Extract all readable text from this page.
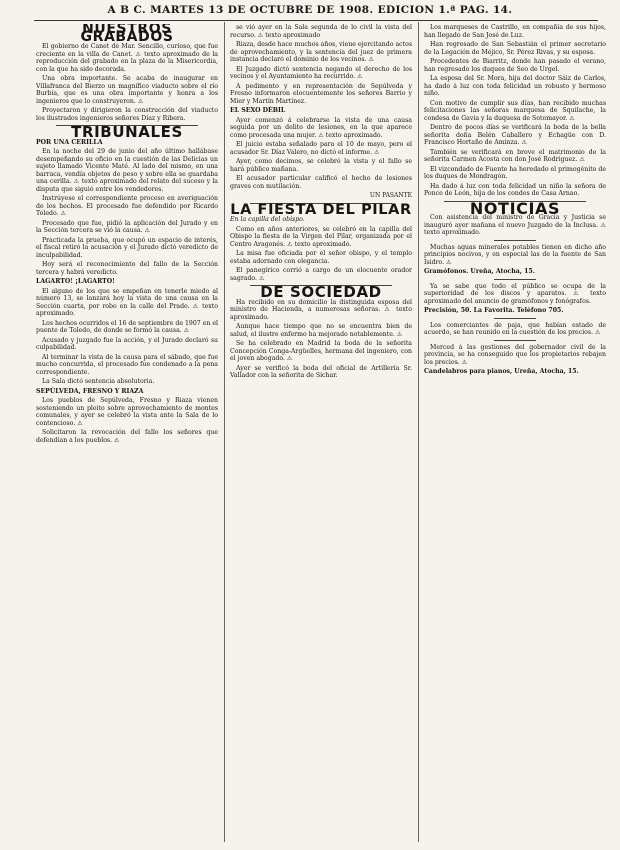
A B C. MARTES 13 DE OCTUBRE DE 1908. EDICION 1.ª PAG. 14.
NUESTROS GRABADOS

El gobierno de Canet de Mar. Sencillo, curioso, que fue creciente en la villa de Canet. ⚠ texto aproximado de la reproducción del grabado en la plaza de la Misericordia, con la que ha sido decorada.

Una obra importante. Se acaba de inaugurar en Villafranca del Bierzo un magnífico viaducto sobre el río Burbia, que es una obra importante y honra a los ingenieros que lo construyeron. ⚠

Proyectaron y dirigieron la construcción del viaducto los ilustrados ingenieros señores Díaz y Ribera.

TRIBUNALES

POR UNA CERILLA

En la noche del 29 de junio del año último hallábase desempeñando su oficio en la cuestión de las Delicias un sujeto llamado Vicente Maté. Al lado del mismo, en una barraca, vendía objetos de peso y sobre ella se guardaba una cerilla. ⚠ texto aproximado del relato del suceso y la disputa que siguió entre los vendedores.

Instrúyese el correspondiente proceso en averiguación de los hechos. El procesado fue defendido por Ricardo Toledo. ⚠

Procesado que fue, pidió la aplicación del Jurado y en la Sección tercera se vió la causa. ⚠

Practicada la prueba, que ocupó un espacio de interés, el fiscal retiró la acusación y el Jurado dictó veredicto de inculpabilidad.

Hoy será el reconocimiento del fallo de la Sección tercera y habrá veredicto.

LAGARTO! ¡LAGARTO!

El alguno de los que se empeñan en tenerle miedo al número 13, se lanzará hoy la vista de una causa en la Sección cuarta, por robo en la calle del Prado. ⚠ texto aproximado.

Los hechos ocurridos el 16 de septiembre de 1907 en el puente de Toledo, de donde se formó la causa. ⚠

Acusado y juzgado fue la acción, y el Jurado declaró su culpabilidad.

Al terminar la vista de la causa para el sábado, que fue mucho concurrida, el procesado fue condenado a la pena correspondiente.

La Sala dictó sentencia absolutoria.

SEPÚLVEDA, FRESNO Y RIAZA

Los pueblos de Sepúlveda, Fresno y Riaza vienen sosteniendo un pleito sobre aprovechamiento de montes comunales, y ayer se celebró la vista ante la Sala de lo contencioso. ⚠

Solicitaron la revocación del fallo los señores que defendían a los pueblos. ⚠

se vió ayer en la Sala segunda de lo civil la vista del recurso. ⚠ texto aproximado

Riaza, desde hace muchos años, viene ejercitando actos de aprovechamiento, y la sentencia del juez de primera instancia declaró el dominio de los vecinos. ⚠

El Juzgado dictó sentencia negando el derecho de los vecinos y el Ayuntamiento ha recurrido. ⚠

A pedimento y en representación de Sepúlveda y Fresno informaron elocuentemente los señores Barrio y Mier y Martín Martínez.

EL SEXO DÉBIL

Ayer comenzó á celebrarse la vista de una causa seguida por un delito de lesiones, en la que aparece como procesada una mujer. ⚠ texto aproximado.

El juicio estaba señalado para el 10 de mayo, pero el acusador Sr. Díaz Valero, no dictó el informe. ⚠

Ayer, como decimos, se celebró la vista y el fallo se hará público mañana.

El acusador particular calificó el hecho de lesiones graves con mutilación.

UN PASANTE
LA FIESTA DEL PILAR

En la capilla del obispo.

Como en años anteriores, se celebró en la capilla del Obispo la fiesta de la Virgen del Pilar, organizada por el Centro Aragonés. ⚠ texto aproximado.

La misa fue oficiada por el señor obispo, y el templo estaba adornado con elegancia.

El panegírico corrió a cargo de un elocuente orador sagrado. ⚠

DE SOCIEDAD

Ha recibido en su domicilio la distinguida esposa del ministro de Hacienda, a numerosas señoras. ⚠ texto aproximado.

Aunque hace tiempo que no se encuentra bien de salud, el ilustre enfermo ha mejorado notablemente. ⚠

Se ha celebrado en Madrid la boda de la señorita Concepción Conga-Argüelles, hermana del ingeniero, con el joven abogado. ⚠

Ayer se verificó la boda del oficial de Artillería Sr. Vallador con la señorita de Sichar.

Los marqueses de Castrillo, en compañía de sus hijos, han llegado de San José de Luz.

Han regresado de San Sebastián el primer secretario de la Legación de Méjico, Sr. Pérez Rivas, y su esposa.

Procedentes de Biarritz, donde han pasado el verano, han regresado los duques de Seo de Urgel.

La esposa del Sr. Mora, hija del doctor Sáiz de Carlos, ha dado á luz con toda felicidad un robusto y hermoso niño.

Con motivo de cumplir sus días, han recibido muchas felicitaciones las señoras marquesa de Squilache, la condesa de Gavia y la duquesa de Sotomayor. ⚠

Dentro de pocos días se verificará la boda de la bella señorita doña Belén Caballero y Echagüe con D. Francisco Hortaño de Aminza. ⚠

También se verificará en breve el matrimonio de la señorita Carmen Acosta con don José Rodríguez. ⚠

El vizcondado de Fuente ha heredado el primogénito de los duques de Mondragón.

Ha dado á luz con toda felicidad un niño la señora de Ponce de León, hija de los condes de Casa Arnao.

NOTICIAS

Con asistencia del ministro de Gracia y Justicia se inauguró ayer mañana el nuevo Juzgado de la Inclusa. ⚠ texto aproximado.

Muchas aguas minerales potables tienen en dicho año principios nocivos, y en especial las de la fuente de San Isidro. ⚠

Gramófonos. Ureña, Atocha, 15.

Ya se sabe que todo el público se ocupa de la superioridad de los discos y aparatos. ⚠ texto aproximado del anuncio de gramófonos y fonógrafos.

Precisión, 50. La Favorita. Teléfono 705.

Los comerciantes de paja, que habían estado de acuerdo, se han reunido en la cuestión de los precios. ⚠

Merced á las gestiones del gobernador civil de la provincia, se ha conseguido que los propietarios rebajen los precios. ⚠

Candelabros para pianos, Ureña, Atocha, 15.
